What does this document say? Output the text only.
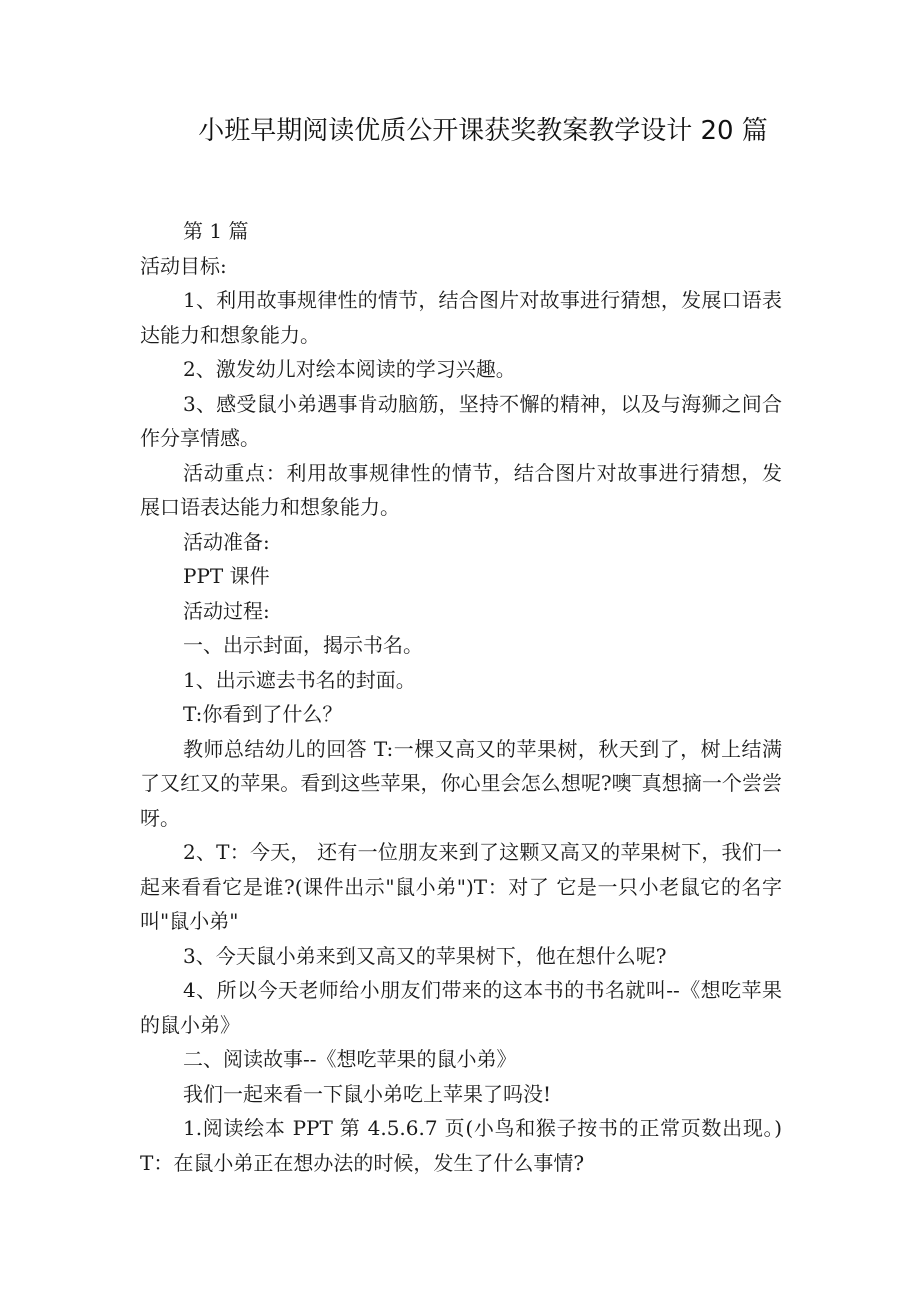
小班早期阅读优质公开课获奖教案教学设计 20 篇

第 1 篇

活动目标:

1、利用故事规律性的情节，结合图片对故事进行猜想，发展口语表达能力和想象能力。

2、激发幼儿对绘本阅读的学习兴趣。

3、感受鼠小弟遇事肯动脑筋，坚持不懈的精神，以及与海狮之间合作分享情感。

活动重点：利用故事规律性的情节，结合图片对故事进行猜想，发展口语表达能力和想象能力。

活动准备:

PPT 课件

活动过程:

一、出示封面，揭示书名。

1、出示遮去书名的封面。

T:你看到了什么？

教师总结幼儿的回答 T:一棵又高又的苹果树，秋天到了，树上结满了又红又的苹果。看到这些苹果，你心里会怎么想呢?噢‾真想摘一个尝尝呀。

2、T：今天， 还有一位朋友来到了这颗又高又的苹果树下，我们一起来看看它是谁?(课件出示"鼠小弟")T：对了 它是一只小老鼠它的名字叫"鼠小弟"

3、今天鼠小弟来到又高又的苹果树下，他在想什么呢?

4、所以今天老师给小朋友们带来的这本书的书名就叫--《想吃苹果的鼠小弟》

二、阅读故事--《想吃苹果的鼠小弟》

我们一起来看一下鼠小弟吃上苹果了吗没!

1.阅读绘本 PPT 第 4.5.6.7 页(小鸟和猴子按书的正常页数出现。)T：在鼠小弟正在想办法的时候，发生了什么事情?
